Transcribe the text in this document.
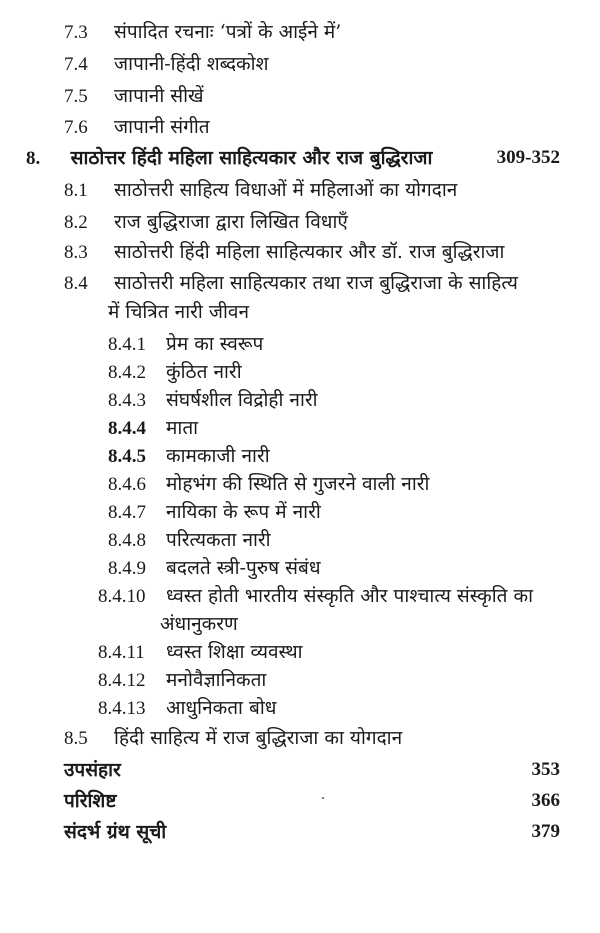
7.3 संपादित रचनाः ‘पत्रों के आईने में’
7.4 जापानी-हिंदी शब्दकोश
7.5 जापानी सीखें
7.6 जापानी संगीत
8. साठोत्तर हिंदी महिला साहित्यकार और राज बुद्धिराजा	309-352
8.1 साठोत्तरी साहित्य विधाओं में महिलाओं का योगदान
8.2 राज बुद्धिराजा द्वारा लिखित विधाएँ
8.3 साठोत्तरी हिंदी महिला साहित्यकार और डॉ. राज बुद्धिराजा
8.4 साठोत्तरी महिला साहित्यकार तथा राज बुद्धिराजा के साहित्य
में चित्रित नारी जीवन
8.4.1 प्रेम का स्वरूप
8.4.2 कुंठित नारी
8.4.3 संघर्षशील विद्रोही नारी
8.4.4 माता
8.4.5 कामकाजी नारी
8.4.6 मोहभंग की स्थिति से गुजरने वाली नारी
8.4.7 नायिका के रूप में नारी
8.4.8 परित्यकता नारी
8.4.9 बदलते स्त्री-पुरुष संबंध
8.4.10 ध्वस्त होती भारतीय संस्कृति और पाश्चात्य संस्कृति का
अंधानुकरण
8.4.11 ध्वस्त शिक्षा व्यवस्था
8.4.12 मनोवैज्ञानिकता
8.4.13 आधुनिकता बोध
8.5 हिंदी साहित्य में राज बुद्धिराजा का योगदान
उपसंहार	353
परिशिष्ट	366
संदर्भ ग्रंथ सूची	379
